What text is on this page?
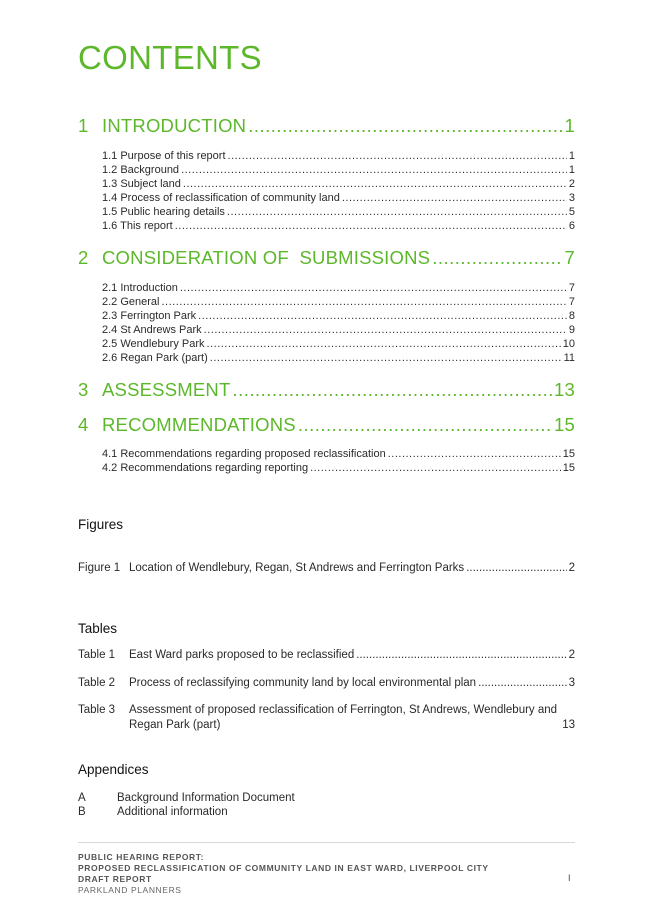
CONTENTS
1 INTRODUCTION .....	1
1.1 Purpose of this report .....	1
1.2 Background .....	1
1.3 Subject land .....	2
1.4 Process of reclassification of community land .....	3
1.5 Public hearing details .....	5
1.6 This report .....	6
2 CONSIDERATION OF  SUBMISSIONS .....	7
2.1 Introduction .....	7
2.2 General .....	7
2.3 Ferrington Park .....	8
2.4 St Andrews Park .....	9
2.5 Wendlebury Park .....	10
2.6 Regan Park (part) .....	11
3 ASSESSMENT .....	13
4 RECOMMENDATIONS .....	15
4.1 Recommendations regarding proposed reclassification .....	15
4.2 Recommendations regarding reporting .....	15
Figures
Figure 1 Location of Wendlebury, Regan, St Andrews and Ferrington Parks .....	2
Tables
Table 1	East Ward parks proposed to be reclassified .....	2
Table 2	Process of reclassifying community land by local environmental plan .....	3
Table 3 Assessment of proposed reclassification of Ferrington, St Andrews, Wendlebury and
Regan Park (part)	13
Appendices
A	Background Information Document
B	Additional information
PUBLIC HEARING REPORT:
PROPOSED RECLASSIFICATION OF COMMUNITY LAND IN EAST WARD, LIVERPOOL CITY
DRAFT REPORT
PARKLAND PLANNERS
I
